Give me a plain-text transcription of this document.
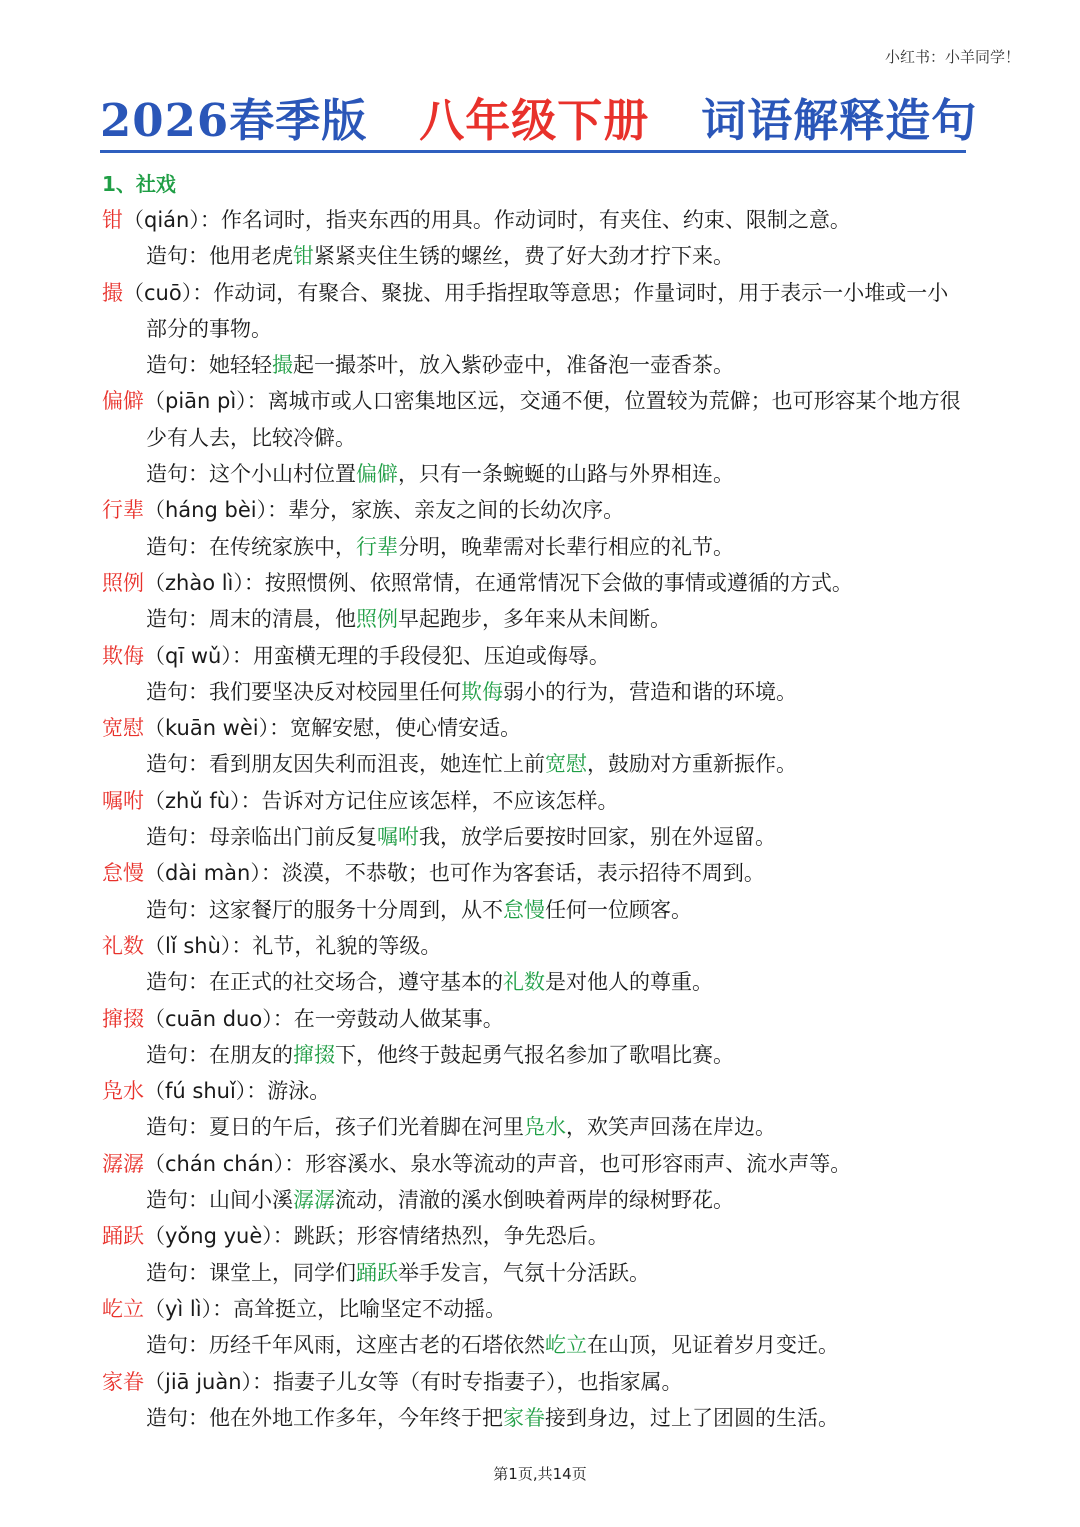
小红书：小羊同学！
2026春季版 八年级下册 词语解释造句
1、社戏
钳（qián）：作名词时，指夹东西的用具。作动词时，有夹住、约束、限制之意。
造句：他用老虎钳紧紧夹住生锈的螺丝，费了好大劲才拧下来。
撮（cuō）：作动词，有聚合、聚拢、用手指捏取等意思；作量词时，用于表示一小堆或一小
部分的事物。
造句：她轻轻撮起一撮茶叶，放入紫砂壶中，准备泡一壶香茶。
偏僻（piān pì）：离城市或人口密集地区远，交通不便，位置较为荒僻；也可形容某个地方很
少有人去，比较冷僻。
造句：这个小山村位置偏僻，只有一条蜿蜒的山路与外界相连。
行辈（háng bèi）：辈分，家族、亲友之间的长幼次序。
造句：在传统家族中，行辈分明，晚辈需对长辈行相应的礼节。
照例（zhào lì）：按照惯例、依照常情，在通常情况下会做的事情或遵循的方式。
造句：周末的清晨，他照例早起跑步，多年来从未间断。
欺侮（qī wǔ）：用蛮横无理的手段侵犯、压迫或侮辱。
造句：我们要坚决反对校园里任何欺侮弱小的行为，营造和谐的环境。
宽慰（kuān wèi）：宽解安慰，使心情安适。
造句：看到朋友因失利而沮丧，她连忙上前宽慰，鼓励对方重新振作。
嘱咐（zhǔ fù）：告诉对方记住应该怎样，不应该怎样。
造句：母亲临出门前反复嘱咐我，放学后要按时回家，别在外逗留。
怠慢（dài màn）：淡漠，不恭敬；也可作为客套话，表示招待不周到。
造句：这家餐厅的服务十分周到，从不怠慢任何一位顾客。
礼数（lǐ shù）：礼节，礼貌的等级。
造句：在正式的社交场合，遵守基本的礼数是对他人的尊重。
撺掇（cuān duo）：在一旁鼓动人做某事。
造句：在朋友的撺掇下，他终于鼓起勇气报名参加了歌唱比赛。
凫水（fú shuǐ）：游泳。
造句：夏日的午后，孩子们光着脚在河里凫水，欢笑声回荡在岸边。
潺潺（chán chán）：形容溪水、泉水等流动的声音，也可形容雨声、流水声等。
造句：山间小溪潺潺流动，清澈的溪水倒映着两岸的绿树野花。
踊跃（yǒng yuè）：跳跃；形容情绪热烈，争先恐后。
造句：课堂上，同学们踊跃举手发言，气氛十分活跃。
屹立（yì lì）：高耸挺立，比喻坚定不动摇。
造句：历经千年风雨，这座古老的石塔依然屹立在山顶，见证着岁月变迁。
家眷（jiā juàn）：指妻子儿女等（有时专指妻子），也指家属。
造句：他在外地工作多年，今年终于把家眷接到身边，过上了团圆的生活。
第1页,共14页
